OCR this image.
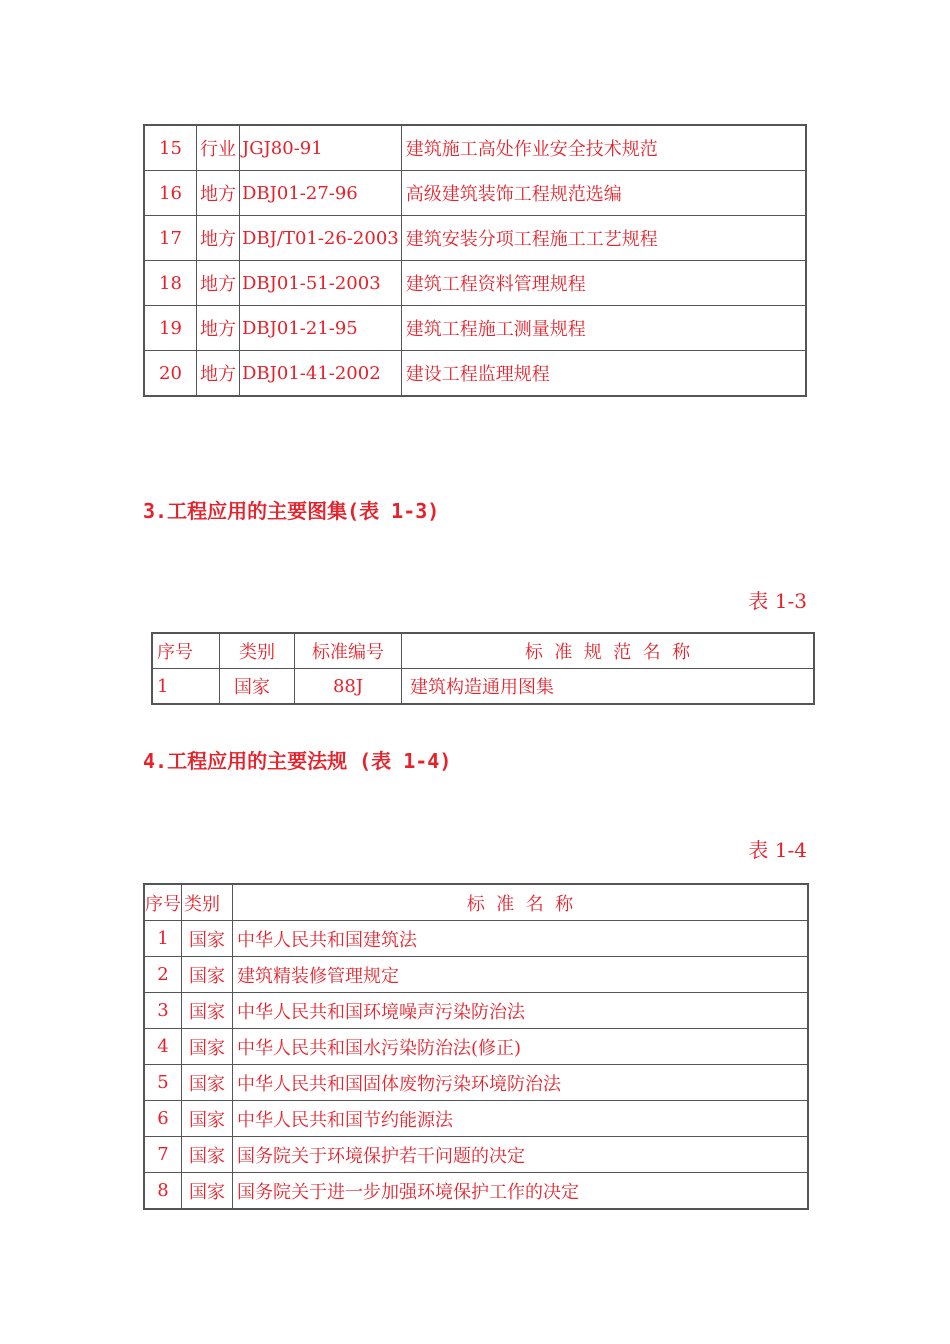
15	行业	JGJ80-91	建筑施工高处作业安全技术规范
16	地方	DBJ01-27-96	高级建筑装饰工程规范选编
17	地方	DBJ/T01-26-2003	建筑安装分项工程施工工艺规程
18	地方	DBJ01-51-2003	建筑工程资料管理规程
19	地方	DBJ01-21-95	建筑工程施工测量规程
20	地方	DBJ01-41-2002	建设工程监理规程
3.工程应用的主要图集(表 1-3)
表 1-3
序号	类别	标准编号	标  准  规  范  名  称
1	国家	88J	建筑构造通用图集
4.工程应用的主要法规 (表 1-4)
表 1-4
序号	类别	标  准  名  称
1	国家	中华人民共和国建筑法
2	国家	建筑精装修管理规定
3	国家	中华人民共和国环境噪声污染防治法
4	国家	中华人民共和国水污染防治法(修正)
5	国家	中华人民共和国固体废物污染环境防治法
6	国家	中华人民共和国节约能源法
7	国家	国务院关于环境保护若干问题的决定
8	国家	国务院关于进一步加强环境保护工作的决定
